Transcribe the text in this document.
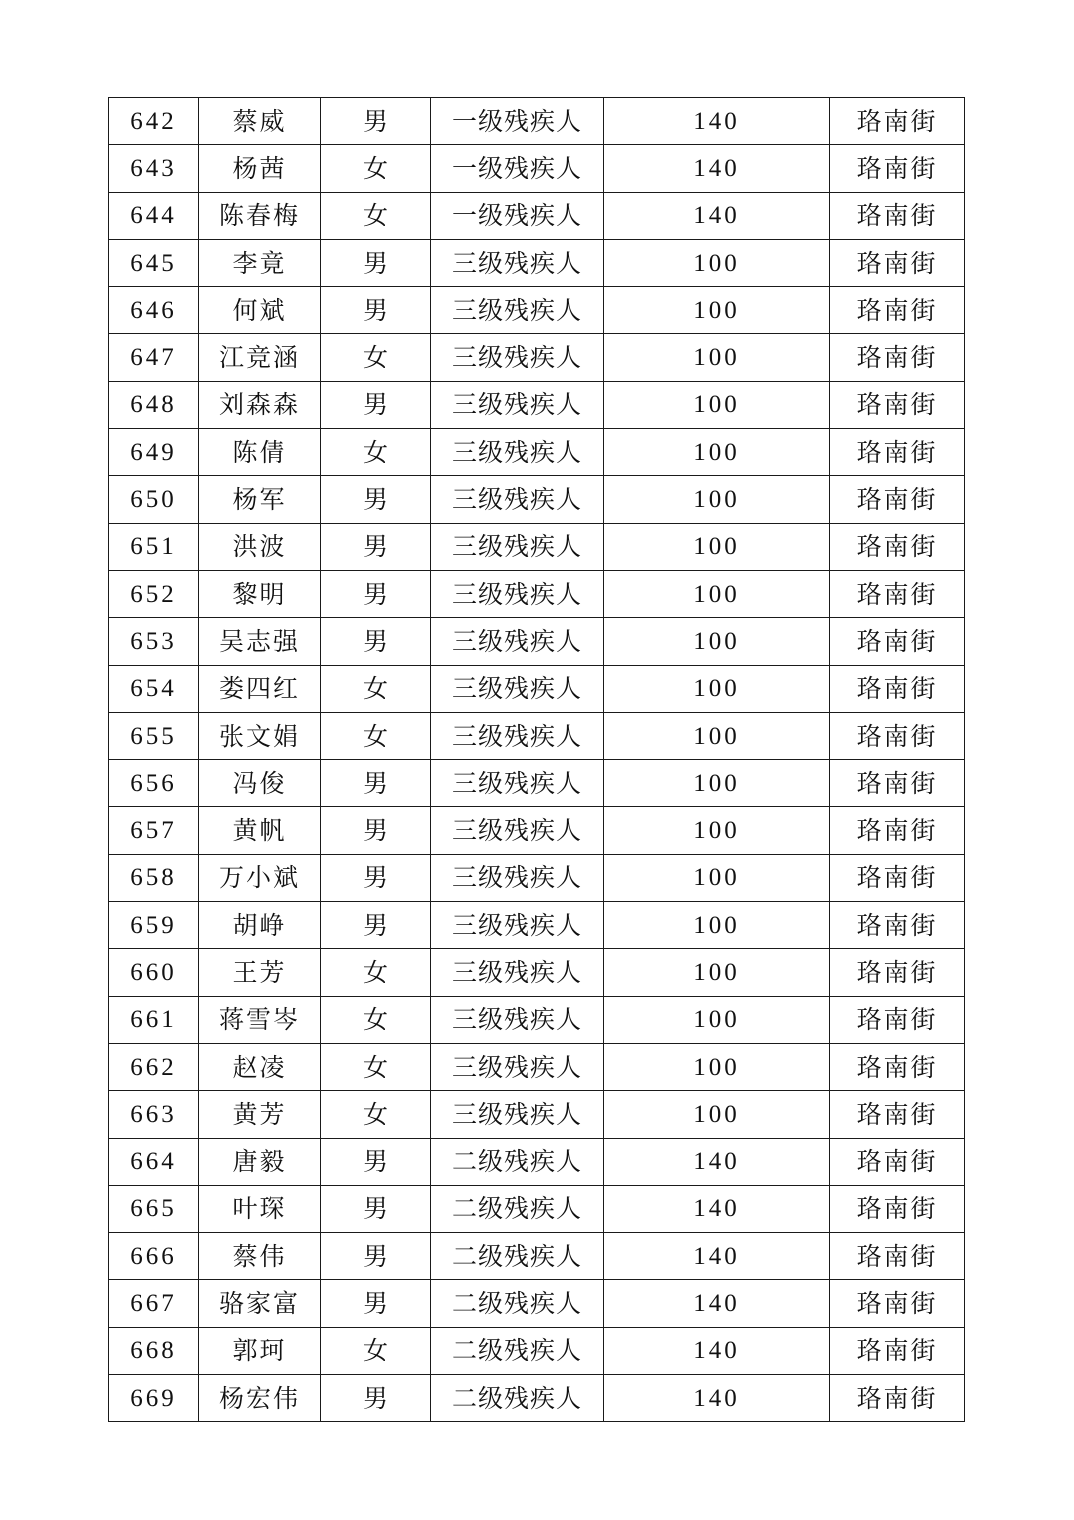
642	蔡威	男	一级残疾人	140	珞南街
643	杨茜	女	一级残疾人	140	珞南街
644	陈春梅	女	一级残疾人	140	珞南街
645	李竟	男	三级残疾人	100	珞南街
646	何斌	男	三级残疾人	100	珞南街
647	江竞涵	女	三级残疾人	100	珞南街
648	刘森森	男	三级残疾人	100	珞南街
649	陈倩	女	三级残疾人	100	珞南街
650	杨军	男	三级残疾人	100	珞南街
651	洪波	男	三级残疾人	100	珞南街
652	黎明	男	三级残疾人	100	珞南街
653	吴志强	男	三级残疾人	100	珞南街
654	娄四红	女	三级残疾人	100	珞南街
655	张文娟	女	三级残疾人	100	珞南街
656	冯俊	男	三级残疾人	100	珞南街
657	黄帆	男	三级残疾人	100	珞南街
658	万小斌	男	三级残疾人	100	珞南街
659	胡峥	男	三级残疾人	100	珞南街
660	王芳	女	三级残疾人	100	珞南街
661	蒋雪岑	女	三级残疾人	100	珞南街
662	赵凌	女	三级残疾人	100	珞南街
663	黄芳	女	三级残疾人	100	珞南街
664	唐毅	男	二级残疾人	140	珞南街
665	叶琛	男	二级残疾人	140	珞南街
666	蔡伟	男	二级残疾人	140	珞南街
667	骆家富	男	二级残疾人	140	珞南街
668	郭珂	女	二级残疾人	140	珞南街
669	杨宏伟	男	二级残疾人	140	珞南街
